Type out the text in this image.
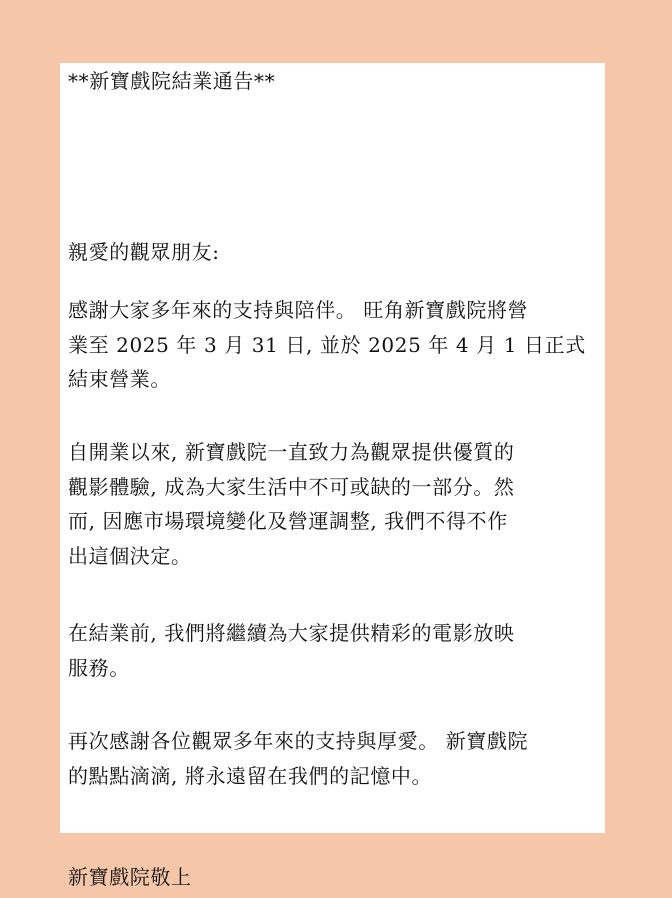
**新寶戲院結業通告**

親愛的觀眾朋友:

感謝大家多年來的支持與陪伴。 旺角新寶戲院將營
業至 2025 年 3 月 31 日, 並於 2025 年 4 月 1 日正式
結束營業。

自開業以來, 新寶戲院一直致力為觀眾提供優質的
觀影體驗, 成為大家生活中不可或缺的一部分。然
而, 因應市場環境變化及營運調整, 我們不得不作
出這個決定。

在結業前, 我們將繼續為大家提供精彩的電影放映
服務。

再次感謝各位觀眾多年來的支持與厚愛。 新寶戲院
的點點滴滴, 將永遠留在我們的記憶中。

新寶戲院敬上
